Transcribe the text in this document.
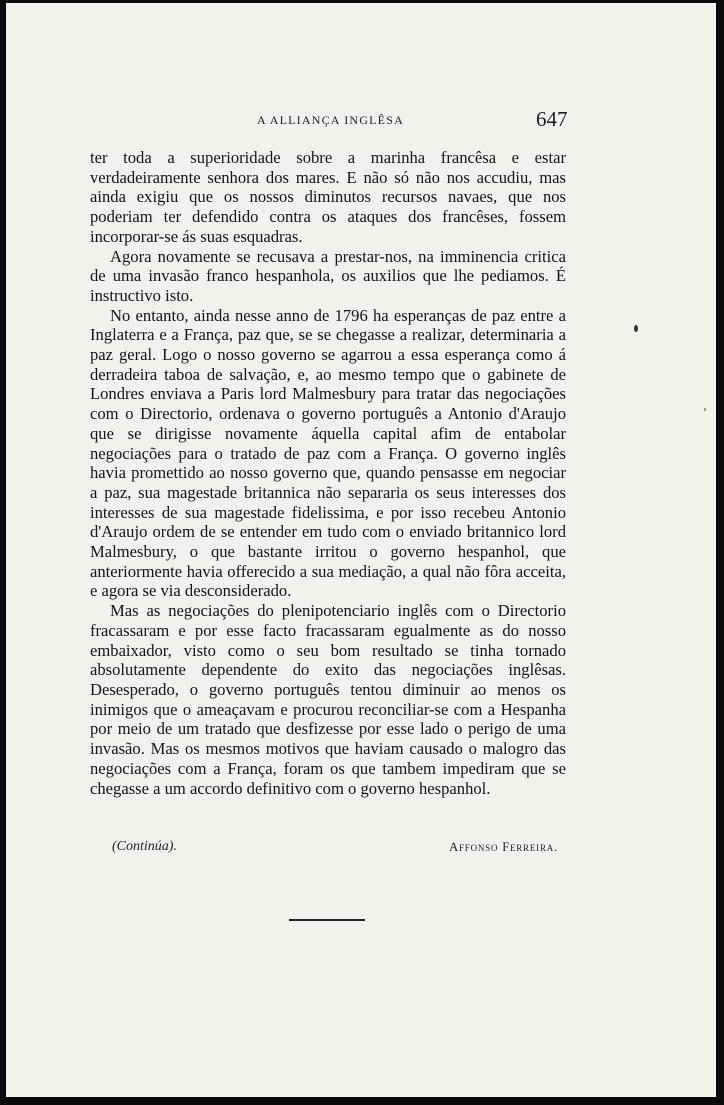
A ALLIANÇA INGLÊSA	647

ter toda a superioridade sobre a marinha francêsa e estar verdadeiramente senhora dos mares. E não só não nos accudiu, mas ainda exigiu que os nossos diminutos recursos navaes, que nos poderiam ter defendido contra os ataques dos francêses, fossem incorporar-se ás suas esquadras.

Agora novamente se recusava a prestar-nos, na imminencia critica de uma invasão franco hespanhola, os auxilios que lhe pediamos. É instructivo isto.

No entanto, ainda nesse anno de 1796 ha esperanças de paz entre a Inglaterra e a França, paz que, se se chegasse a realizar, determinaria a paz geral. Logo o nosso governo se agarrou a essa esperança como á derradeira taboa de salvação, e, ao mesmo tempo que o gabinete de Londres enviava a Paris lord Malmesbury para tratar das negociações com o Directorio, ordenava o governo português a Antonio d'Araujo que se dirigisse novamente áquella capital afim de entabolar negociações para o tratado de paz com a França. O governo inglês havia promettido ao nosso governo que, quando pensasse em negociar a paz, sua magestade britannica não separaria os seus interesses dos interesses de sua magestade fidelissima, e por isso recebeu Antonio d'Araujo ordem de se entender em tudo com o enviado britannico lord Malmesbury, o que bastante irritou o governo hespanhol, que anteriormente havia offerecido a sua mediação, a qual não fôra acceita, e agora se via desconsiderado.

Mas as negociações do plenipotenciario inglês com o Directorio fracassaram e por esse facto fracassaram egualmente as do nosso embaixador, visto como o seu bom resultado se tinha tornado absolutamente dependente do exito das negociações inglêsas. Desesperado, o governo português tentou diminuir ao menos os inimigos que o ameaçavam e procurou reconciliar-se com a Hespanha por meio de um tratado que desfizesse por esse lado o perigo de uma invasão. Mas os mesmos motivos que haviam causado o malogro das negociações com a França, foram os que tambem impediram que se chegasse a um accordo definitivo com o governo hespanhol.

(Continúa).	Affonso Ferreira.
